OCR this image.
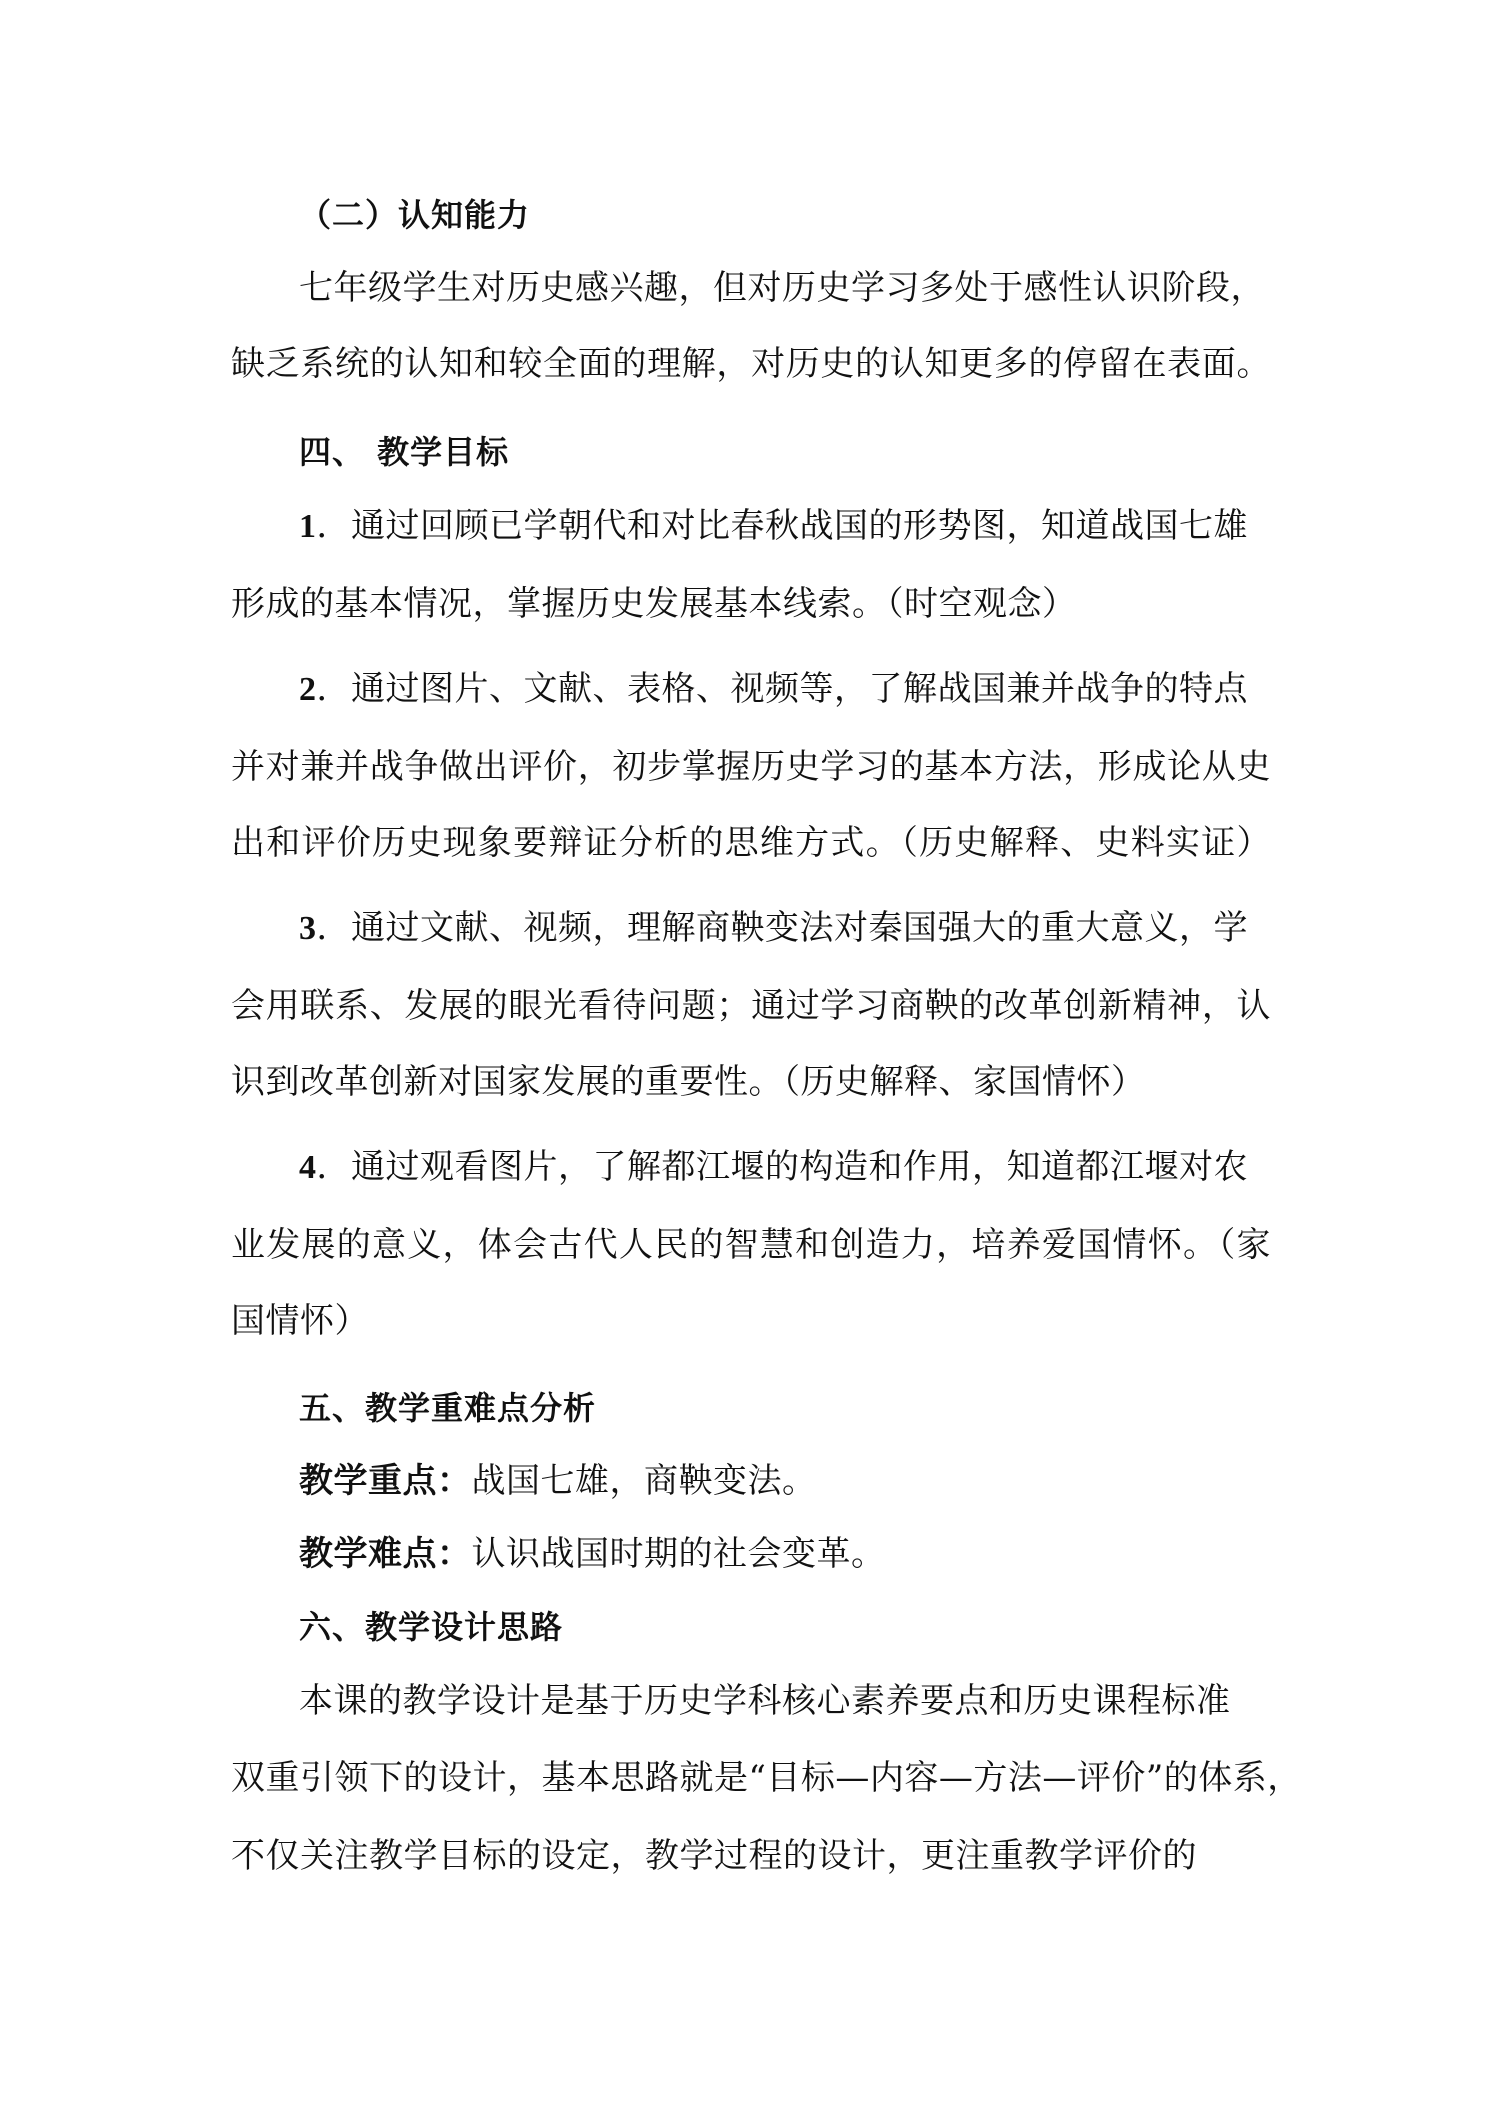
（二）认知能力
七年级学生对历史感兴趣，但对历史学习多处于感性认识阶段，
缺乏系统的认知和较全面的理解，对历史的认知更多的停留在表面。
四、 教学目标
1．通过回顾已学朝代和对比春秋战国的形势图，知道战国七雄
形成的基本情况，掌握历史发展基本线索。（时空观念）
2．通过图片、文献、表格、视频等，了解战国兼并战争的特点
并对兼并战争做出评价，初步掌握历史学习的基本方法，形成论从史
出和评价历史现象要辩证分析的思维方式。（历史解释、史料实证）
3．通过文献、视频，理解商鞅变法对秦国强大的重大意义，学
会用联系、发展的眼光看待问题；通过学习商鞅的改革创新精神，认
识到改革创新对国家发展的重要性。（历史解释、家国情怀）
4．通过观看图片，了解都江堰的构造和作用，知道都江堰对农
业发展的意义，体会古代人民的智慧和创造力，培养爱国情怀。（家
国情怀）
五、教学重难点分析
教学重点：战国七雄，商鞅变法。
教学难点：认识战国时期的社会变革。
六、教学设计思路
本课的教学设计是基于历史学科核心素养要点和历史课程标准
双重引领下的设计，基本思路就是“目标—内容—方法—评价”的体系，
不仅关注教学目标的设定，教学过程的设计，更注重教学评价的
